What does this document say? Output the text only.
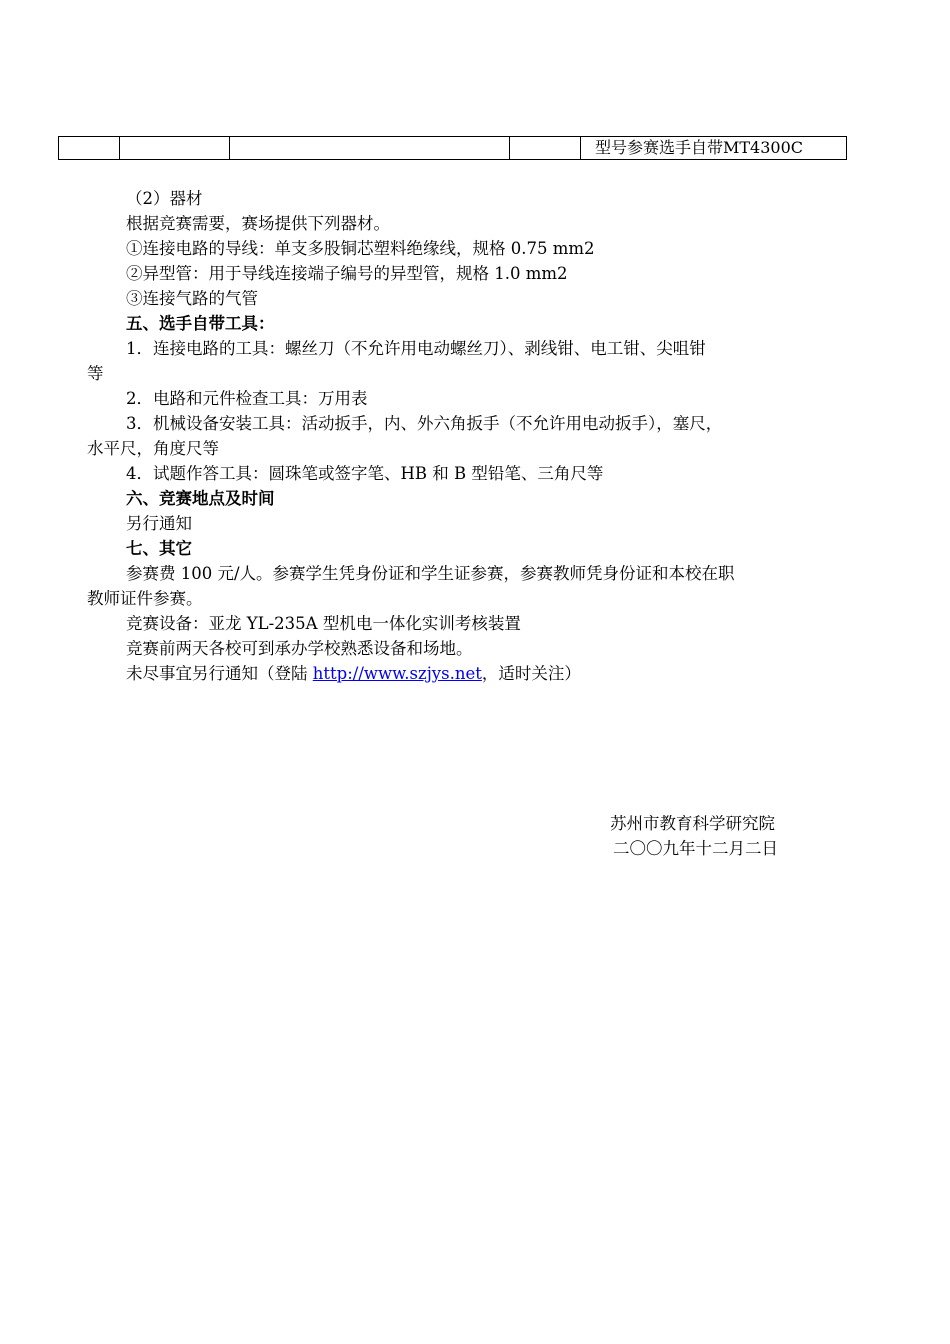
				型号参赛选手自带MT4300C
（2）器材
根据竞赛需要，赛场提供下列器材。
①连接电路的导线：单支多股铜芯塑料绝缘线，规格 0.75 mm2
②异型管：用于导线连接端子编号的异型管，规格 1.0 mm2
③连接气路的气管
五、选手自带工具：
1．连接电路的工具：螺丝刀（不允许用电动螺丝刀）、剥线钳、电工钳、尖咀钳
等
2．电路和元件检查工具：万用表
3．机械设备安装工具：活动扳手，内、外六角扳手（不允许用电动扳手），塞尺，
水平尺，角度尺等
4．试题作答工具：圆珠笔或签字笔、HB 和 B 型铅笔、三角尺等
六、竞赛地点及时间
另行通知
七、其它
参赛费 100 元/人。参赛学生凭身份证和学生证参赛，参赛教师凭身份证和本校在职
教师证件参赛。
竞赛设备：亚龙 YL-235A 型机电一体化实训考核装置
竞赛前两天各校可到承办学校熟悉设备和场地。
未尽事宜另行通知（登陆 http://www.szjys.net，适时关注）
苏州市教育科学研究院
二〇〇九年十二月二日
